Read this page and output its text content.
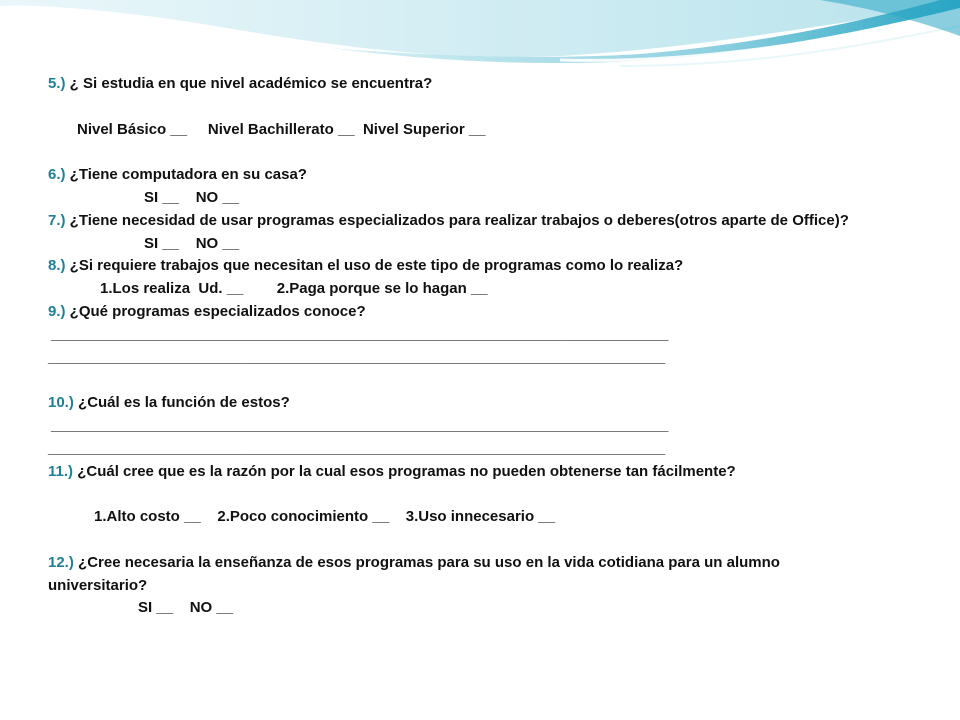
5.) ¿ Si estudia en que nivel académico se encuentra?
Nivel Básico __     Nivel Bachillerato __  Nivel Superior __
6.) ¿Tiene computadora en su casa?
SI __    NO __
7.) ¿Tiene necesidad de usar programas especializados para realizar trabajos o deberes(otros aparte de Office)?
SI __    NO __
8.) ¿Si requiere trabajos que necesitan el uso de este tipo de programas como lo realiza?
1.Los realiza  Ud. __        2.Paga porque se lo hagan __
9.) ¿Qué programas especializados conoce?
__________________________________________________________________________
__________________________________________________________________________
10.) ¿Cuál es la función de estos?
__________________________________________________________________________
__________________________________________________________________________
11.) ¿Cuál cree que es la razón por la cual esos programas no pueden obtenerse tan fácilmente?
1.Alto costo __    2.Poco conocimiento __    3.Uso innecesario __
12.) ¿Cree necesaria la enseñanza de esos programas para su uso en la vida cotidiana para un alumno universitario?
SI __    NO __
